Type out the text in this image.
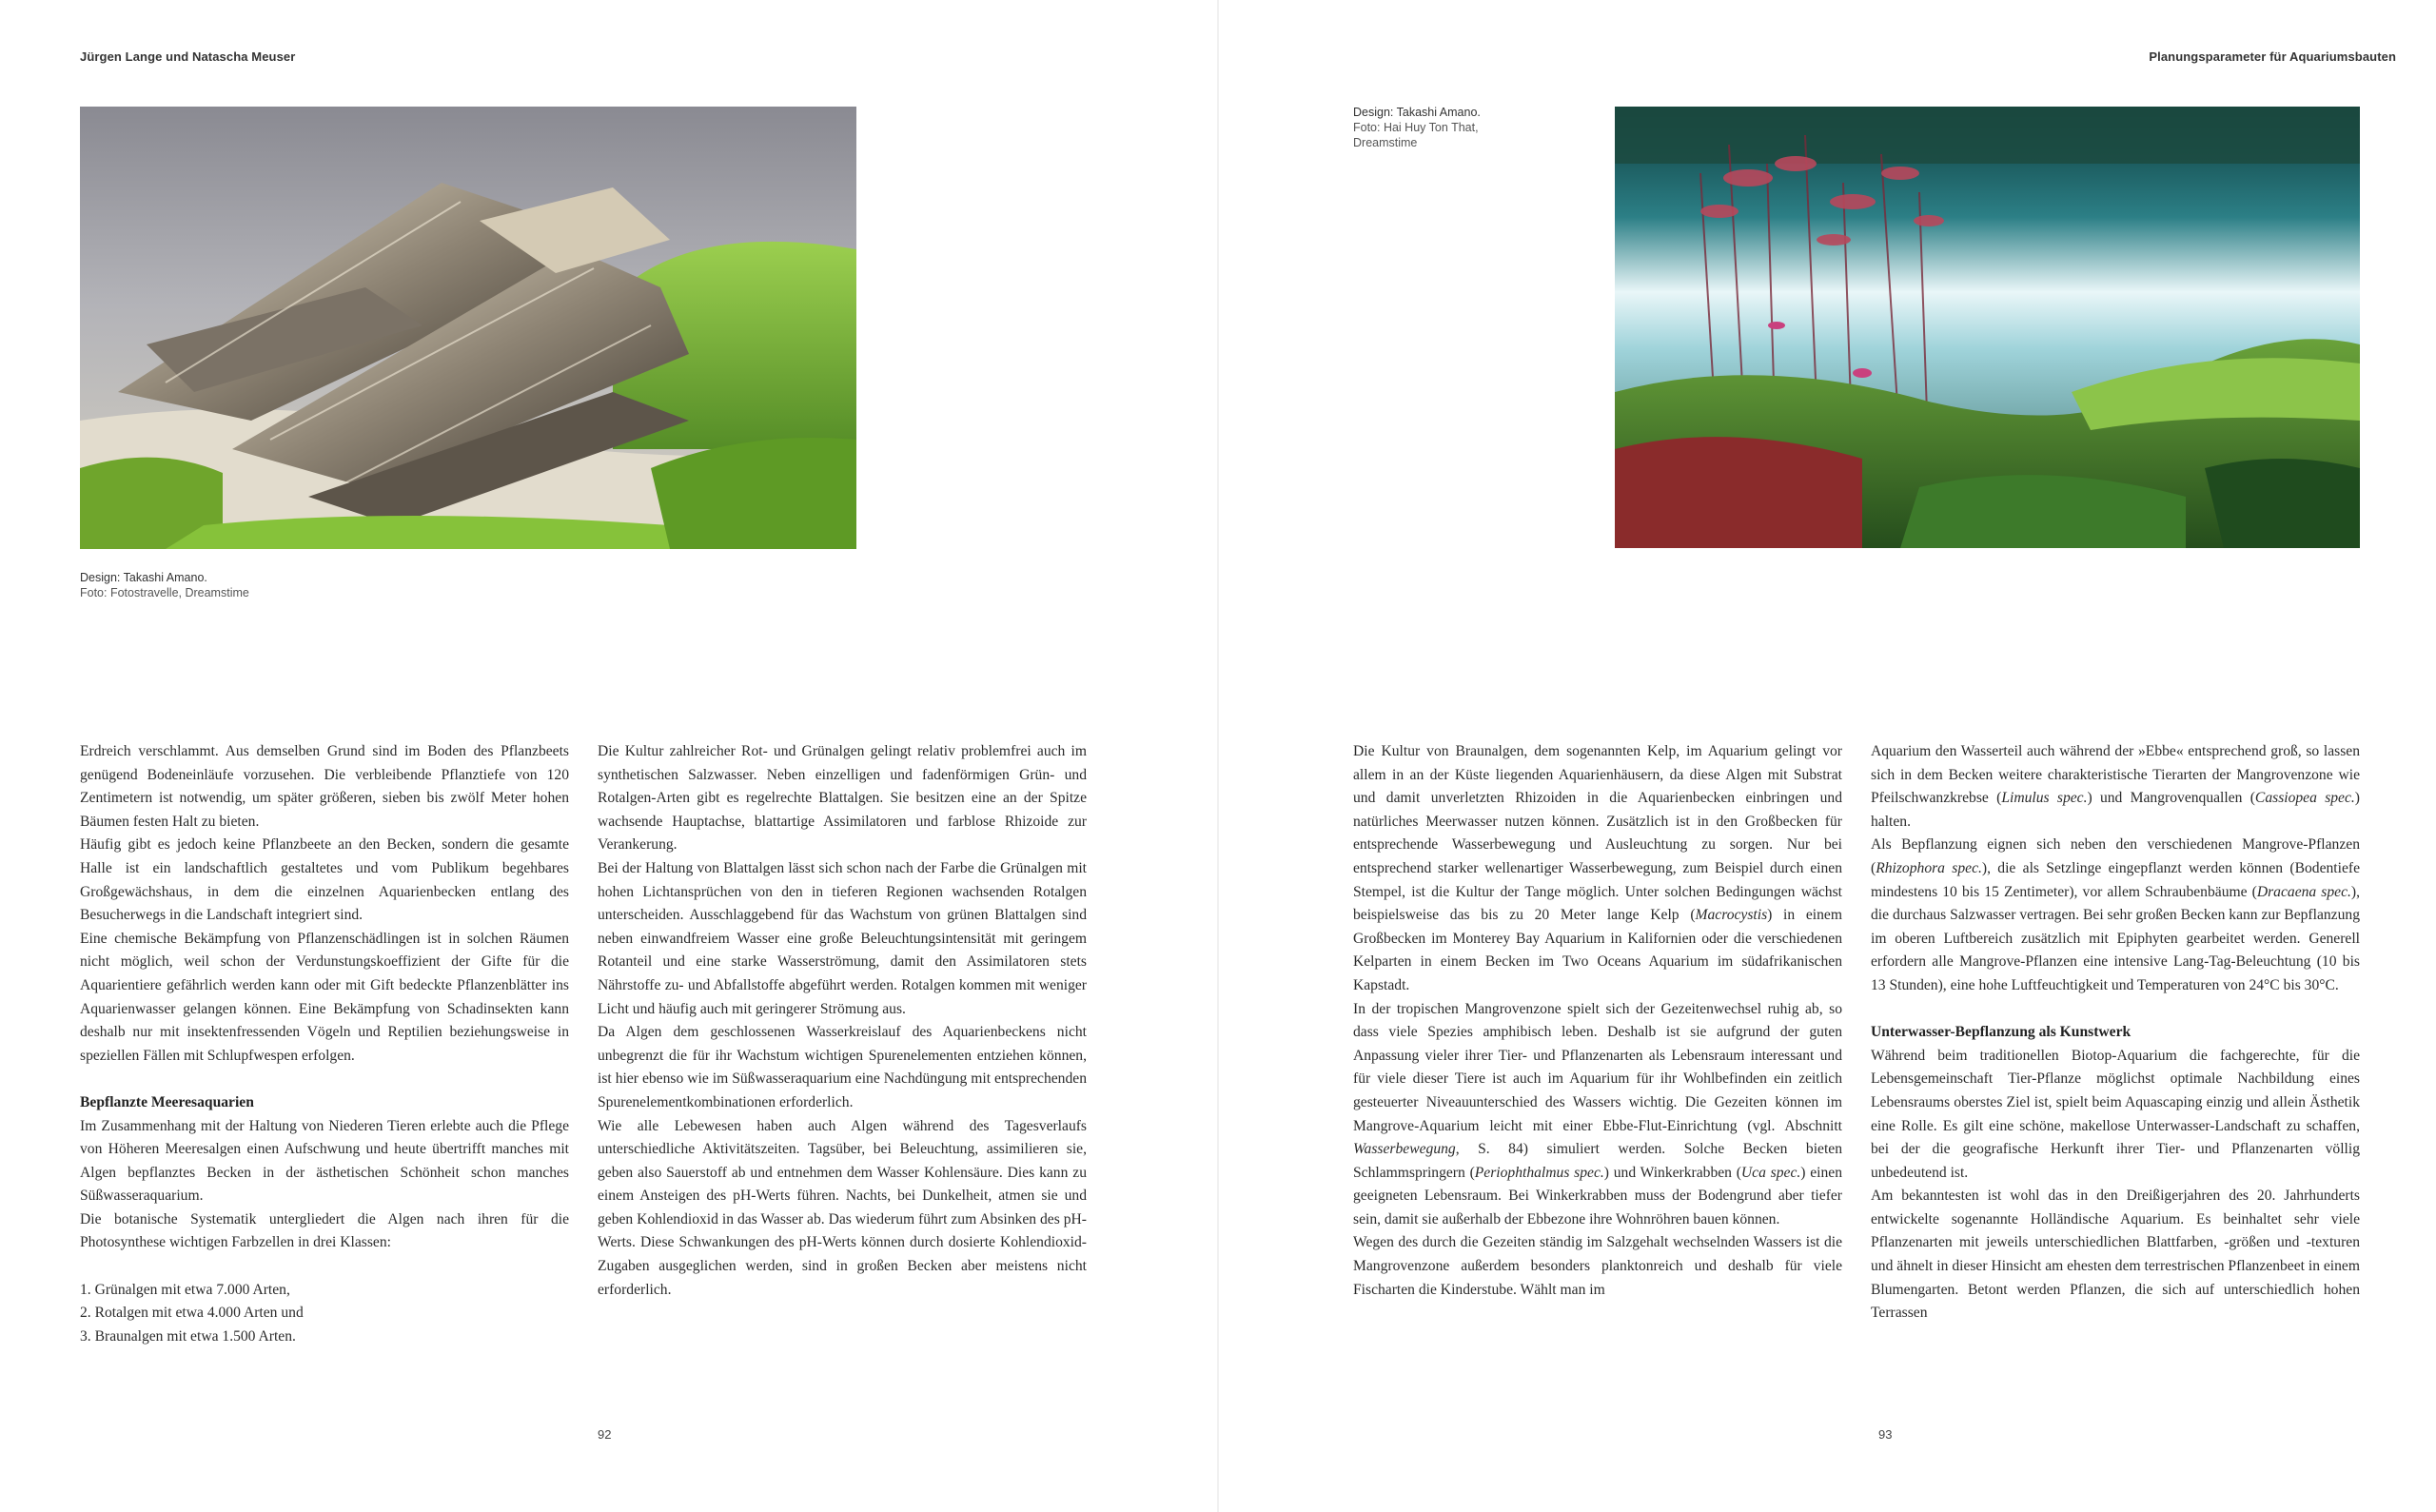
Jürgen Lange und Natascha Meuser
Design: Takashi Amano.
Foto: Fotostravelle, Dreamstime

Erdreich verschlammt. Aus demselben Grund sind im Boden des Pflanzbeets genügend Bodeneinläufe vorzusehen. Die verbleibende Pflanztiefe von 120 Zentimetern ist notwendig, um später größeren, sieben bis zwölf Meter hohen Bäumen festen Halt zu bieten.

Häufig gibt es jedoch keine Pflanzbeete an den Becken, sondern die gesamte Halle ist ein landschaftlich gestaltetes und vom Publikum begehbares Großgewächshaus, in dem die einzelnen Aquarienbecken entlang des Besucherwegs in die Landschaft integriert sind.

Eine chemische Bekämpfung von Pflanzenschädlingen ist in solchen Räumen nicht möglich, weil schon der Verdunstungskoeffizient der Gifte für die Aquarientiere gefährlich werden kann oder mit Gift bedeckte Pflanzenblätter ins Aquarienwasser gelangen können. Eine Bekämpfung von Schadinsekten kann deshalb nur mit insektenfressenden Vögeln und Reptilien beziehungsweise in speziellen Fällen mit Schlupfwespen erfolgen.

Bepflanzte Meeresaquarien

Im Zusammenhang mit der Haltung von Niederen Tieren erlebte auch die Pflege von Höheren Meeresalgen einen Aufschwung und heute übertrifft manches mit Algen bepflanztes Becken in der ästhetischen Schönheit schon manches Süßwasseraquarium.

Die botanische Systematik untergliedert die Algen nach ihren für die Photosynthese wichtigen Farbzellen in drei Klassen:

1. Grünalgen mit etwa 7.000 Arten,

2. Rotalgen mit etwa 4.000 Arten und

3. Braunalgen mit etwa 1.500 Arten.

Die Kultur zahlreicher Rot- und Grünalgen gelingt relativ problemfrei auch im synthetischen Salzwasser. Neben einzelligen und fadenförmigen Grün- und Rotalgen-Arten gibt es regelrechte Blattalgen. Sie besitzen eine an der Spitze wachsende Hauptachse, blattartige Assimilatoren und farblose Rhizoide zur Verankerung.

Bei der Haltung von Blattalgen lässt sich schon nach der Farbe die Grünalgen mit hohen Lichtansprüchen von den in tieferen Regionen wachsenden Rotalgen unterscheiden. Ausschlaggebend für das Wachstum von grünen Blattalgen sind neben einwandfreiem Wasser eine große Beleuchtungsintensität mit geringem Rotanteil und eine starke Wasserströmung, damit den Assimilatoren stets Nährstoffe zu- und Abfallstoffe abgeführt werden. Rotalgen kommen mit weniger Licht und häufig auch mit geringerer Strömung aus.

Da Algen dem geschlossenen Wasserkreislauf des Aquarienbeckens nicht unbegrenzt die für ihr Wachstum wichtigen Spurenelementen entziehen können, ist hier ebenso wie im Süßwasseraquarium eine Nachdüngung mit entsprechenden Spurenelementkombinationen erforderlich.

Wie alle Lebewesen haben auch Algen während des Tagesverlaufs unterschiedliche Aktivitätszeiten. Tagsüber, bei Beleuchtung, assimilieren sie, geben also Sauerstoff ab und entnehmen dem Wasser Kohlensäure. Dies kann zu einem Ansteigen des pH-Werts führen. Nachts, bei Dunkelheit, atmen sie und geben Kohlendioxid in das Wasser ab. Das wiederum führt zum Absinken des pH-Werts. Diese Schwankungen des pH-Werts können durch dosierte Kohlendioxid-Zugaben ausgeglichen werden, sind in großen Becken aber meistens nicht erforderlich.

92
Planungsparameter für Aquariumsbauten
Design: Takashi Amano.
Foto: Hai Huy Ton That,
Dreamstime

Die Kultur von Braunalgen, dem sogenannten Kelp, im Aquarium gelingt vor allem in an der Küste liegenden Aquarienhäusern, da diese Algen mit Substrat und damit unverletzten Rhizoiden in die Aquarienbecken einbringen und natürliches Meerwasser nutzen können. Zusätzlich ist in den Großbecken für entsprechende Wasserbewegung und Ausleuchtung zu sorgen. Nur bei entsprechend starker wellenartiger Wasserbewegung, zum Beispiel durch einen Stempel, ist die Kultur der Tange möglich. Unter solchen Bedingungen wächst beispielsweise das bis zu 20 Meter lange Kelp (Macrocystis) in einem Großbecken im Monterey Bay Aquarium in Kalifornien oder die verschiedenen Kelparten in einem Becken im Two Oceans Aquarium im südafrikanischen Kapstadt.

In der tropischen Mangrovenzone spielt sich der Gezeitenwechsel ruhig ab, so dass viele Spezies amphibisch leben. Deshalb ist sie aufgrund der guten Anpassung vieler ihrer Tier- und Pflanzenarten als Lebensraum interessant und für viele dieser Tiere ist auch im Aquarium für ihr Wohlbefinden ein zeitlich gesteuerter Niveauunterschied des Wassers wichtig. Die Gezeiten können im Mangrove-Aquarium leicht mit einer Ebbe-Flut-Einrichtung (vgl. Abschnitt Wasserbewegung, S. 84) simuliert werden. Solche Becken bieten Schlammspringern (Periophthalmus spec.) und Winkerkrabben (Uca spec.) einen geeigneten Lebensraum. Bei Winkerkrabben muss der Bodengrund aber tiefer sein, damit sie außerhalb der Ebbezone ihre Wohnröhren bauen können.

Wegen des durch die Gezeiten ständig im Salzgehalt wechselnden Wassers ist die Mangrovenzone außerdem besonders planktonreich und deshalb für viele Fischarten die Kinderstube. Wählt man im

Aquarium den Wasserteil auch während der »Ebbe« entsprechend groß, so lassen sich in dem Becken weitere charakteristische Tierarten der Mangrovenzone wie Pfeilschwanzkrebse (Limulus spec.) und Mangrovenquallen (Cassiopea spec.) halten.

Als Bepflanzung eignen sich neben den verschiedenen Mangrove-Pflanzen (Rhizophora spec.), die als Setzlinge eingepflanzt werden können (Bodentiefe mindestens 10 bis 15 Zentimeter), vor allem Schraubenbäume (Dracaena spec.), die durchaus Salzwasser vertragen. Bei sehr großen Becken kann zur Bepflanzung im oberen Luftbereich zusätzlich mit Epiphyten gearbeitet werden. Generell erfordern alle Mangrove-Pflanzen eine intensive Lang-Tag-Beleuchtung (10 bis 13 Stunden), eine hohe Luftfeuchtigkeit und Temperaturen von 24°C bis 30°C.

Unterwasser-Bepflanzung als Kunstwerk

Während beim traditionellen Biotop-Aquarium die fachgerechte, für die Lebensgemeinschaft Tier-Pflanze möglichst optimale Nachbildung eines Lebensraums oberstes Ziel ist, spielt beim Aquascaping einzig und allein Ästhetik eine Rolle. Es gilt eine schöne, makellose Unterwasser-Landschaft zu schaffen, bei der die geografische Herkunft ihrer Tier- und Pflanzenarten völlig unbedeutend ist.

Am bekanntesten ist wohl das in den Dreißigerjahren des 20. Jahrhunderts entwickelte sogenannte Holländische Aquarium. Es beinhaltet sehr viele Pflanzenarten mit jeweils unterschiedlichen Blattfarben, -größen und -texturen und ähnelt in dieser Hinsicht am ehesten dem terrestrischen Pflanzenbeet in einem Blumengarten. Betont werden Pflanzen, die sich auf unterschiedlich hohen Terrassen

93
